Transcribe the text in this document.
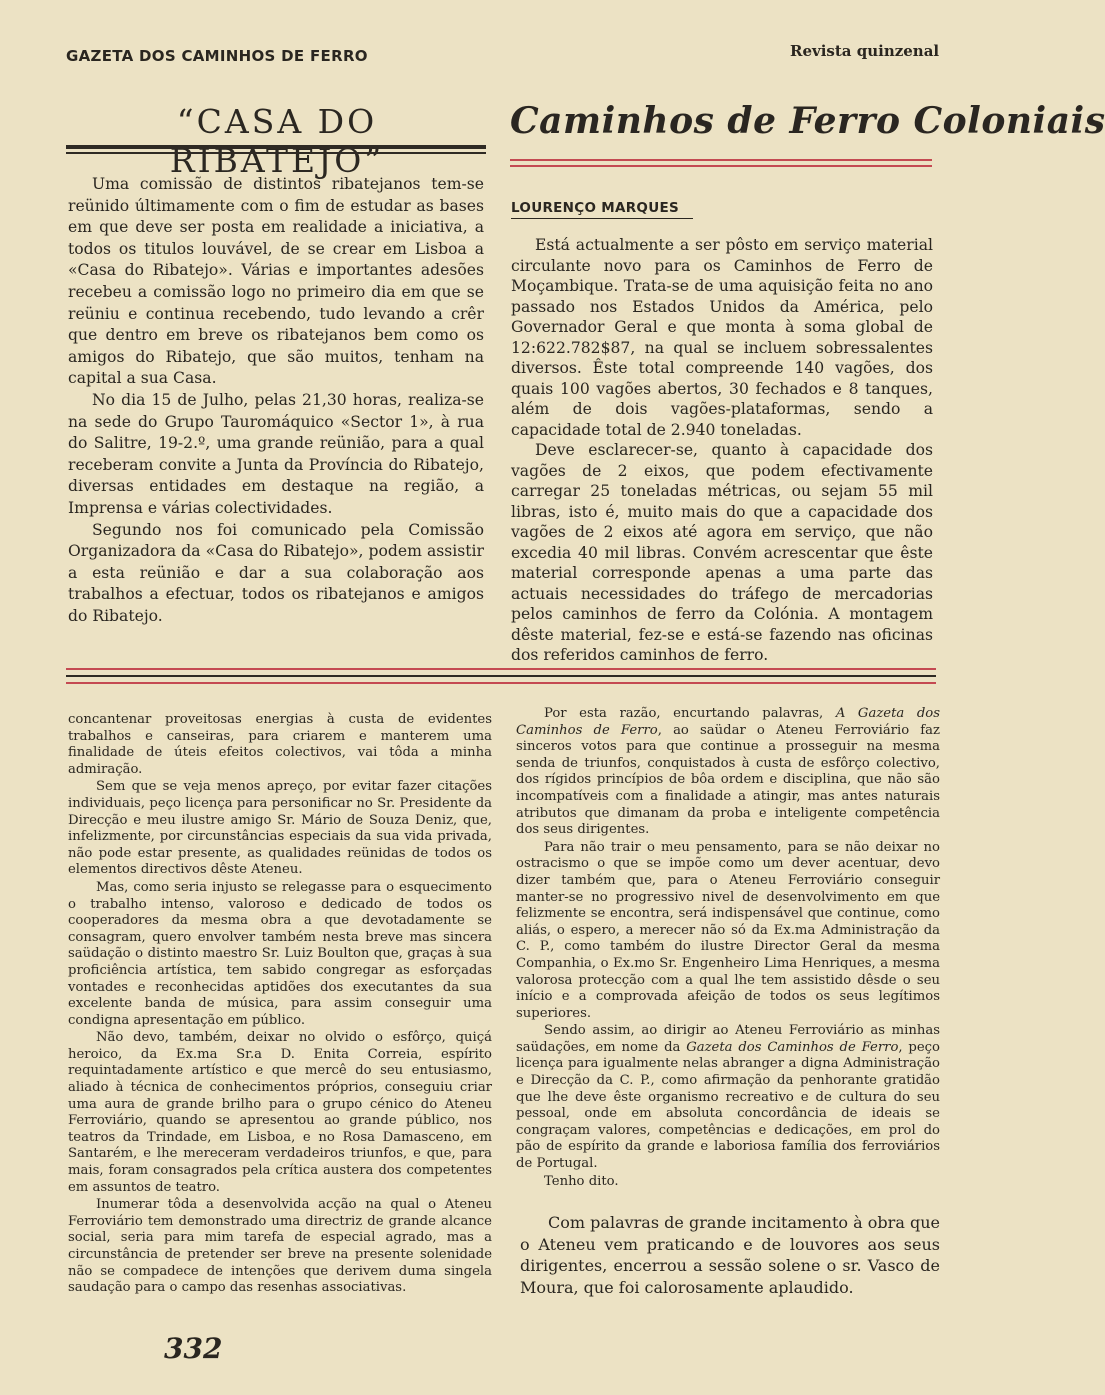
GAZETA DOS CAMINHOS DE FERRO	Revista quinzenal
“CASA DO RIBATEJO”

Uma comissão de distintos ribatejanos tem-se reünido últimamente com o fim de estudar as bases em que deve ser posta em realidade a iniciativa, a todos os titulos louvável, de se crear em Lisboa a «Casa do Ribatejo». Várias e importantes adesões recebeu a comissão logo no primeiro dia em que se reüniu e continua recebendo, tudo levando a crêr que dentro em breve os ribatejanos bem como os amigos do Ribatejo, que são muitos, tenham na capital a sua Casa.

No dia 15 de Julho, pelas 21,30 horas, realiza-se na sede do Grupo Tauromáquico «Sector 1», à rua do Salitre, 19-2.º, uma grande reünião, para a qual receberam convite a Junta da Província do Ribatejo, diversas entidades em destaque na região, a Imprensa e várias colectividades.

Segundo nos foi comunicado pela Comissão Organizadora da «Casa do Ribatejo», podem assistir a esta reünião e dar a sua colaboração aos trabalhos a efectuar, todos os ribatejanos e amigos do Ribatejo.

Caminhos de Ferro Coloniais
LOURENÇO MARQUES

Está actualmente a ser pôsto em serviço material circulante novo para os Caminhos de Ferro de Moçambique. Trata-se de uma aquisição feita no ano passado nos Estados Unidos da América, pelo Governador Geral e que monta à soma global de 12:622.782$87, na qual se incluem sobressalentes diversos. Êste total compreende 140 vagões, dos quais 100 vagões abertos, 30 fechados e 8 tanques, além de dois vagões-plataformas, sendo a capacidade total de 2.940 toneladas.

Deve esclarecer-se, quanto à capacidade dos vagões de 2 eixos, que podem efectivamente carregar 25 toneladas métricas, ou sejam 55 mil libras, isto é, muito mais do que a capacidade dos vagões de 2 eixos até agora em serviço, que não excedia 40 mil libras. Convém acrescentar que êste material corresponde apenas a uma parte das actuais necessidades do tráfego de mercadorias pelos caminhos de ferro da Colónia. A montagem dêste material, fez-se e está-se fazendo nas oficinas dos referidos caminhos de ferro.

concantenar proveitosas energias à custa de evidentes trabalhos e canseiras, para criarem e manterem uma finalidade de úteis efeitos colectivos, vai tôda a minha admiração.

Sem que se veja menos apreço, por evitar fazer citações individuais, peço licença para personificar no Sr. Presidente da Direcção e meu ilustre amigo Sr. Mário de Souza Deniz, que, infelizmente, por circunstâncias especiais da sua vida privada, não pode estar presente, as qualidades reünidas de todos os elementos directivos dêste Ateneu.

Mas, como seria injusto se relegasse para o esquecimento o trabalho intenso, valoroso e dedicado de todos os cooperadores da mesma obra a que devotadamente se consagram, quero envolver também nesta breve mas sincera saüdação o distinto maestro Sr. Luiz Boulton que, graças à sua proficiência artística, tem sabido congregar as esforçadas vontades e reconhecidas aptidões dos executantes da sua excelente banda de música, para assim conseguir uma condigna apresentação em público.

Não devo, também, deixar no olvido o esfôrço, quiçá heroico, da Ex.ma Sr.a D. Enita Correia, espírito requintadamente artístico e que mercê do seu entusiasmo, aliado à técnica de conhecimentos próprios, conseguiu criar uma aura de grande brilho para o grupo cénico do Ateneu Ferroviário, quando se apresentou ao grande público, nos teatros da Trindade, em Lisboa, e no Rosa Damasceno, em Santarém, e lhe mereceram verdadeiros triunfos, e que, para mais, foram consagrados pela crítica austera dos competentes em assuntos de teatro.

Inumerar tôda a desenvolvida acção na qual o Ateneu Ferroviário tem demonstrado uma directriz de grande alcance social, seria para mim tarefa de especial agrado, mas a circunstância de pretender ser breve na presente solenidade não se compadece de intenções que derivem duma singela saudação para o campo das resenhas associativas.

Por esta razão, encurtando palavras, A Gazeta dos Caminhos de Ferro, ao saüdar o Ateneu Ferroviário faz sinceros votos para que continue a prosseguir na mesma senda de triunfos, conquistados à custa de esfôrço colectivo, dos rígidos princípios de bôa ordem e disciplina, que não são incompatíveis com a finalidade a atingir, mas antes naturais atributos que dimanam da proba e inteligente competência dos seus dirigentes.

Para não trair o meu pensamento, para se não deixar no ostracismo o que se impõe como um dever acentuar, devo dizer também que, para o Ateneu Ferroviário conseguir manter-se no progressivo nivel de desenvolvimento em que felizmente se encontra, será indispensável que continue, como aliás, o espero, a merecer não só da Ex.ma Administração da C. P., como também do ilustre Director Geral da mesma Companhia, o Ex.mo Sr. Engenheiro Lima Henriques, a mesma valorosa protecção com a qual lhe tem assistido dêsde o seu início e a comprovada afeição de todos os seus legítimos superiores.

Sendo assim, ao dirigir ao Ateneu Ferroviário as minhas saüdações, em nome da Gazeta dos Caminhos de Ferro, peço licença para igualmente nelas abranger a digna Administração e Direcção da C. P., como afirmação da penhorante gratidão que lhe deve êste organismo recreativo e de cultura do seu pessoal, onde em absoluta concordância de ideais se congraçam valores, competências e dedicações, em prol do pão de espírito da grande e laboriosa família dos ferroviários de Portugal.

Tenho dito.

Com palavras de grande incitamento à obra que o Ateneu vem praticando e de louvores aos seus dirigentes, encerrou a sessão solene o sr. Vasco de Moura, que foi calorosamente aplaudido.

332
